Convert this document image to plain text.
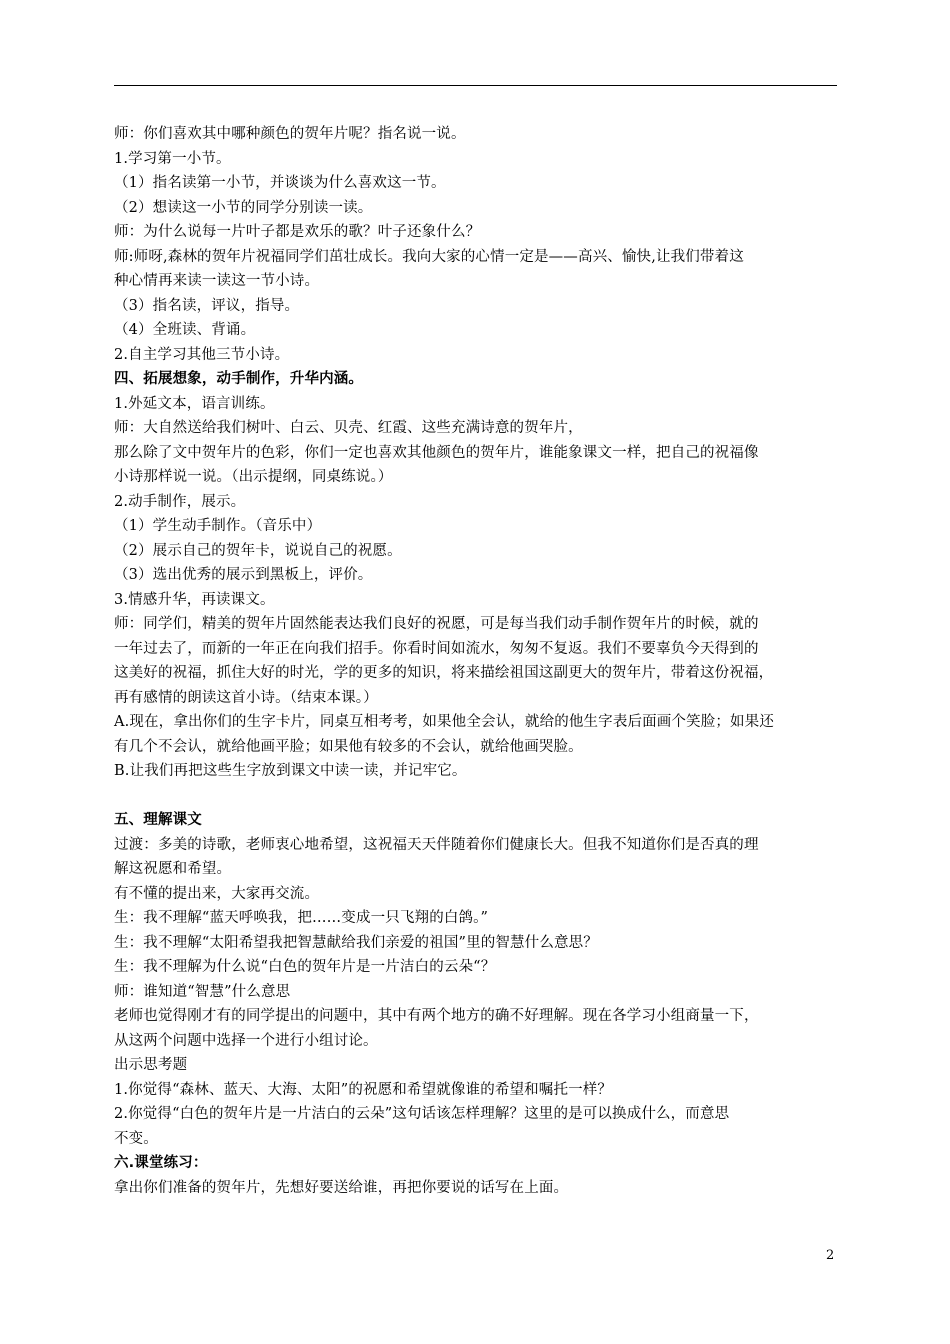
师：你们喜欢其中哪种颜色的贺年片呢？指名说一说。
1.学习第一小节。
（1）指名读第一小节，并谈谈为什么喜欢这一节。
（2）想读这一小节的同学分别读一读。
师：为什么说每一片叶子都是欢乐的歌？叶子还象什么？
师:师呀,森林的贺年片祝福同学们茁壮成长。我向大家的心情一定是——高兴、愉快,让我们带着这
种心情再来读一读这一节小诗。
（3）指名读，评议，指导。
（4）全班读、背诵。
2.自主学习其他三节小诗。
四、拓展想象，动手制作，升华内涵。
1.外延文本，语言训练。
师：大自然送给我们树叶、白云、贝壳、红霞、这些充满诗意的贺年片，
那么除了文中贺年片的色彩，你们一定也喜欢其他颜色的贺年片，谁能象课文一样，把自己的祝福像
小诗那样说一说。（出示提纲，同桌练说。）
2.动手制作，展示。
（1）学生动手制作。（音乐中）
（2）展示自己的贺年卡，说说自己的祝愿。
（3）选出优秀的展示到黑板上，评价。
3.情感升华，再读课文。
师：同学们，精美的贺年片固然能表达我们良好的祝愿，可是每当我们动手制作贺年片的时候，就的
一年过去了，而新的一年正在向我们招手。你看时间如流水，匆匆不复返。我们不要辜负今天得到的
这美好的祝福，抓住大好的时光，学的更多的知识，将来描绘祖国这副更大的贺年片，带着这份祝福，
再有感情的朗读这首小诗。（结束本课。）
A.现在，拿出你们的生字卡片，同桌互相考考，如果他全会认，就给的他生字表后面画个笑脸；如果还
有几个不会认，就给他画平脸；如果他有较多的不会认，就给他画哭脸。
B.让我们再把这些生字放到课文中读一读，并记牢它。
五、理解课文
过渡：多美的诗歌，老师衷心地希望，这祝福天天伴随着你们健康长大。但我不知道你们是否真的理
解这祝愿和希望。
有不懂的提出来，大家再交流。
生：我不理解“蓝天呼唤我，把……变成一只飞翔的白鸽。”
生：我不理解“太阳希望我把智慧献给我们亲爱的祖国”里的智慧什么意思？
生：我不理解为什么说“白色的贺年片是一片洁白的云朵“？
师：谁知道“智慧”什么意思
老师也觉得刚才有的同学提出的问题中，其中有两个地方的确不好理解。现在各学习小组商量一下，
从这两个问题中选择一个进行小组讨论。
出示思考题
1.你觉得“森林、蓝天、大海、太阳”的祝愿和希望就像谁的希望和嘱托一样？
2.你觉得“白色的贺年片是一片洁白的云朵”这句话该怎样理解？这里的是可以换成什么，而意思
不变。
六.课堂练习：
拿出你们准备的贺年片，先想好要送给谁，再把你要说的话写在上面。
2
